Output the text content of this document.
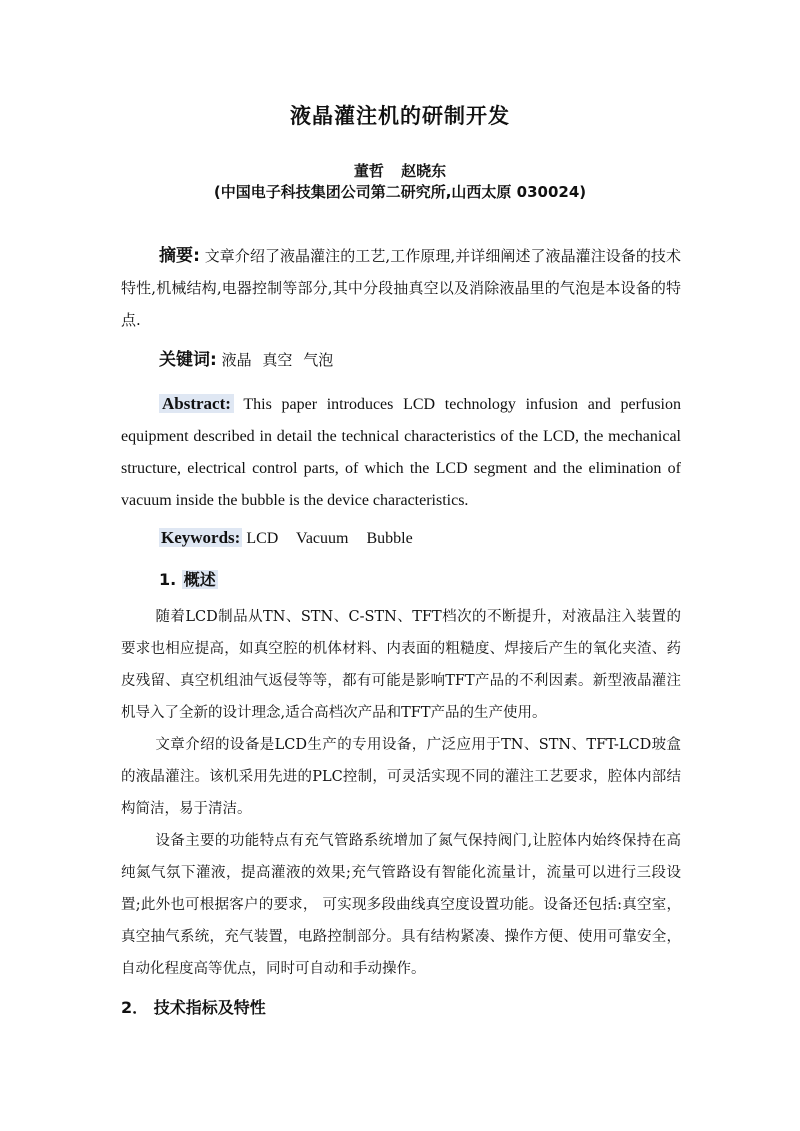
液晶灌注机的研制开发
董哲 赵晓东
(中国电子科技集团公司第二研究所,山西太原 030024)
摘要: 文章介绍了液晶灌注的工艺,工作原理,并详细阐述了液晶灌注设备的技术特性,机械结构,电器控制等部分,其中分段抽真空以及消除液晶里的气泡是本设备的特点.
关键词: 液晶 真空 气泡
Abstract: This paper introduces LCD technology infusion and perfusion equipment described in detail the technical characteristics of the LCD, the mechanical structure, electrical control parts, of which the LCD segment and the elimination of vacuum inside the bubble is the device characteristics.
Keywords: LCD Vacuum Bubble
1. 概述
随着LCD制品从TN、STN、C-STN、TFT档次的不断提升，对液晶注入装置的要求也相应提高，如真空腔的机体材料、内表面的粗糙度、焊接后产生的氧化夹渣、药皮残留、真空机组油气返侵等等，都有可能是影响TFT产品的不利因素。新型液晶灌注机导入了全新的设计理念,适合高档次产品和TFT产品的生产使用。
文章介绍的设备是LCD生产的专用设备，广泛应用于TN、STN、TFT-LCD玻盒的液晶灌注。该机采用先进的PLC控制，可灵活实现不同的灌注工艺要求，腔体内部结构简洁，易于清洁。
设备主要的功能特点有充气管路系统增加了氮气保持阀门,让腔体内始终保持在高纯氮气氛下灌液，提高灌液的效果;充气管路设有智能化流量计，流量可以进行三段设置;此外也可根据客户的要求， 可实现多段曲线真空度设置功能。设备还包括:真空室，真空抽气系统，充气装置，电路控制部分。具有结构紧凑、操作方便、使用可靠安全，自动化程度高等优点，同时可自动和手动操作。
2． 技术指标及特性
